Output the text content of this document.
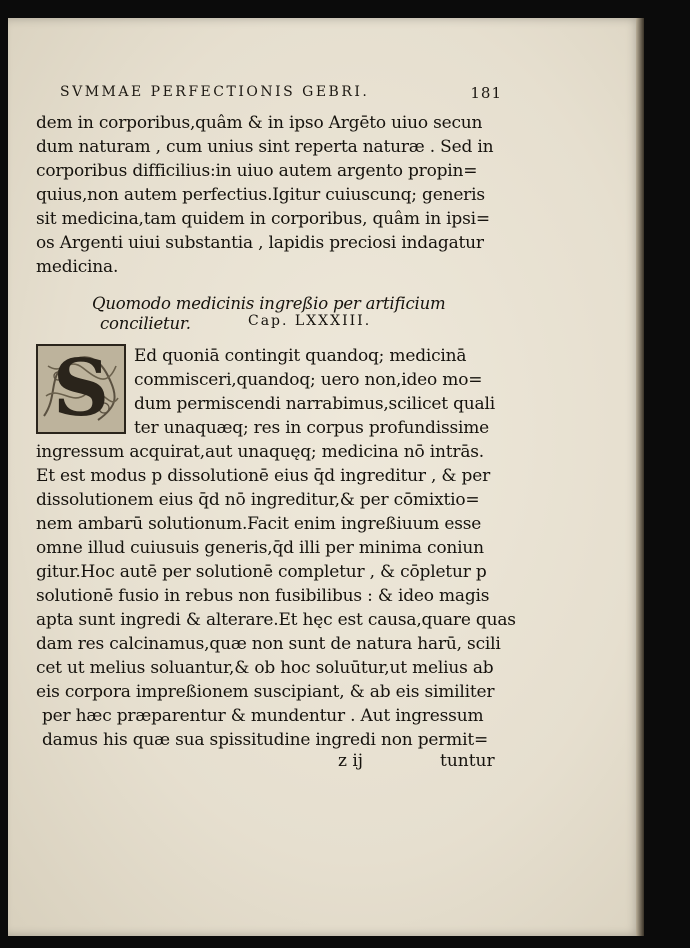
SVMMAE PERFECTIONIS GEBRI.	181
dem in corporibus,quâm & in ipso Argēto uiuo secun
dum naturam , cum unius sint reperta naturæ . Sed in
corporibus difficilius:in uiuo autem argento propin=
quius,non autem perfectius.Igitur cuiuscunq; generis
sit medicina,tam quidem in corporibus, quâm in ipsi=
os Argenti uiui substantia , lapidis preciosi indagatur
medicina.
Quomodo medicinis ingreßio per artificium
concilietur.	Cap. LXXXIII.
S	Ed quoniā contingit quandoq; medicinā
commisceri,quandoq; uero non,ideo mo=
dum permiscendi narrabimus,scilicet quali
ter unaquæq; res in corpus profundissime
ingressum acquirat,aut unaquęq; medicina nō intrās.
Et est modus p dissolutionē eius q̄d ingreditur , & per
dissolutionem eius q̄d nō ingreditur,& per cōmixtio=
nem ambarū solutionum.Facit enim ingreßiuum esse
omne illud cuiusuis generis,q̄d illi per minima coniun
gitur.Hoc autē per solutionē completur , & cōpletur p
solutionē fusio in rebus non fusibilibus : & ideo magis
apta sunt ingredi & alterare.Et hęc est causa,quare quas
dam res calcinamus,quæ non sunt de natura harū, scili
cet ut melius soluantur,& ob hoc soluūtur,ut melius ab
eis corpora impreßionem suscipiant, & ab eis similiter
per hæc præparentur & mundentur . Aut ingressum
damus his quæ sua spissitudine ingredi non permit=
z ij	tuntur
